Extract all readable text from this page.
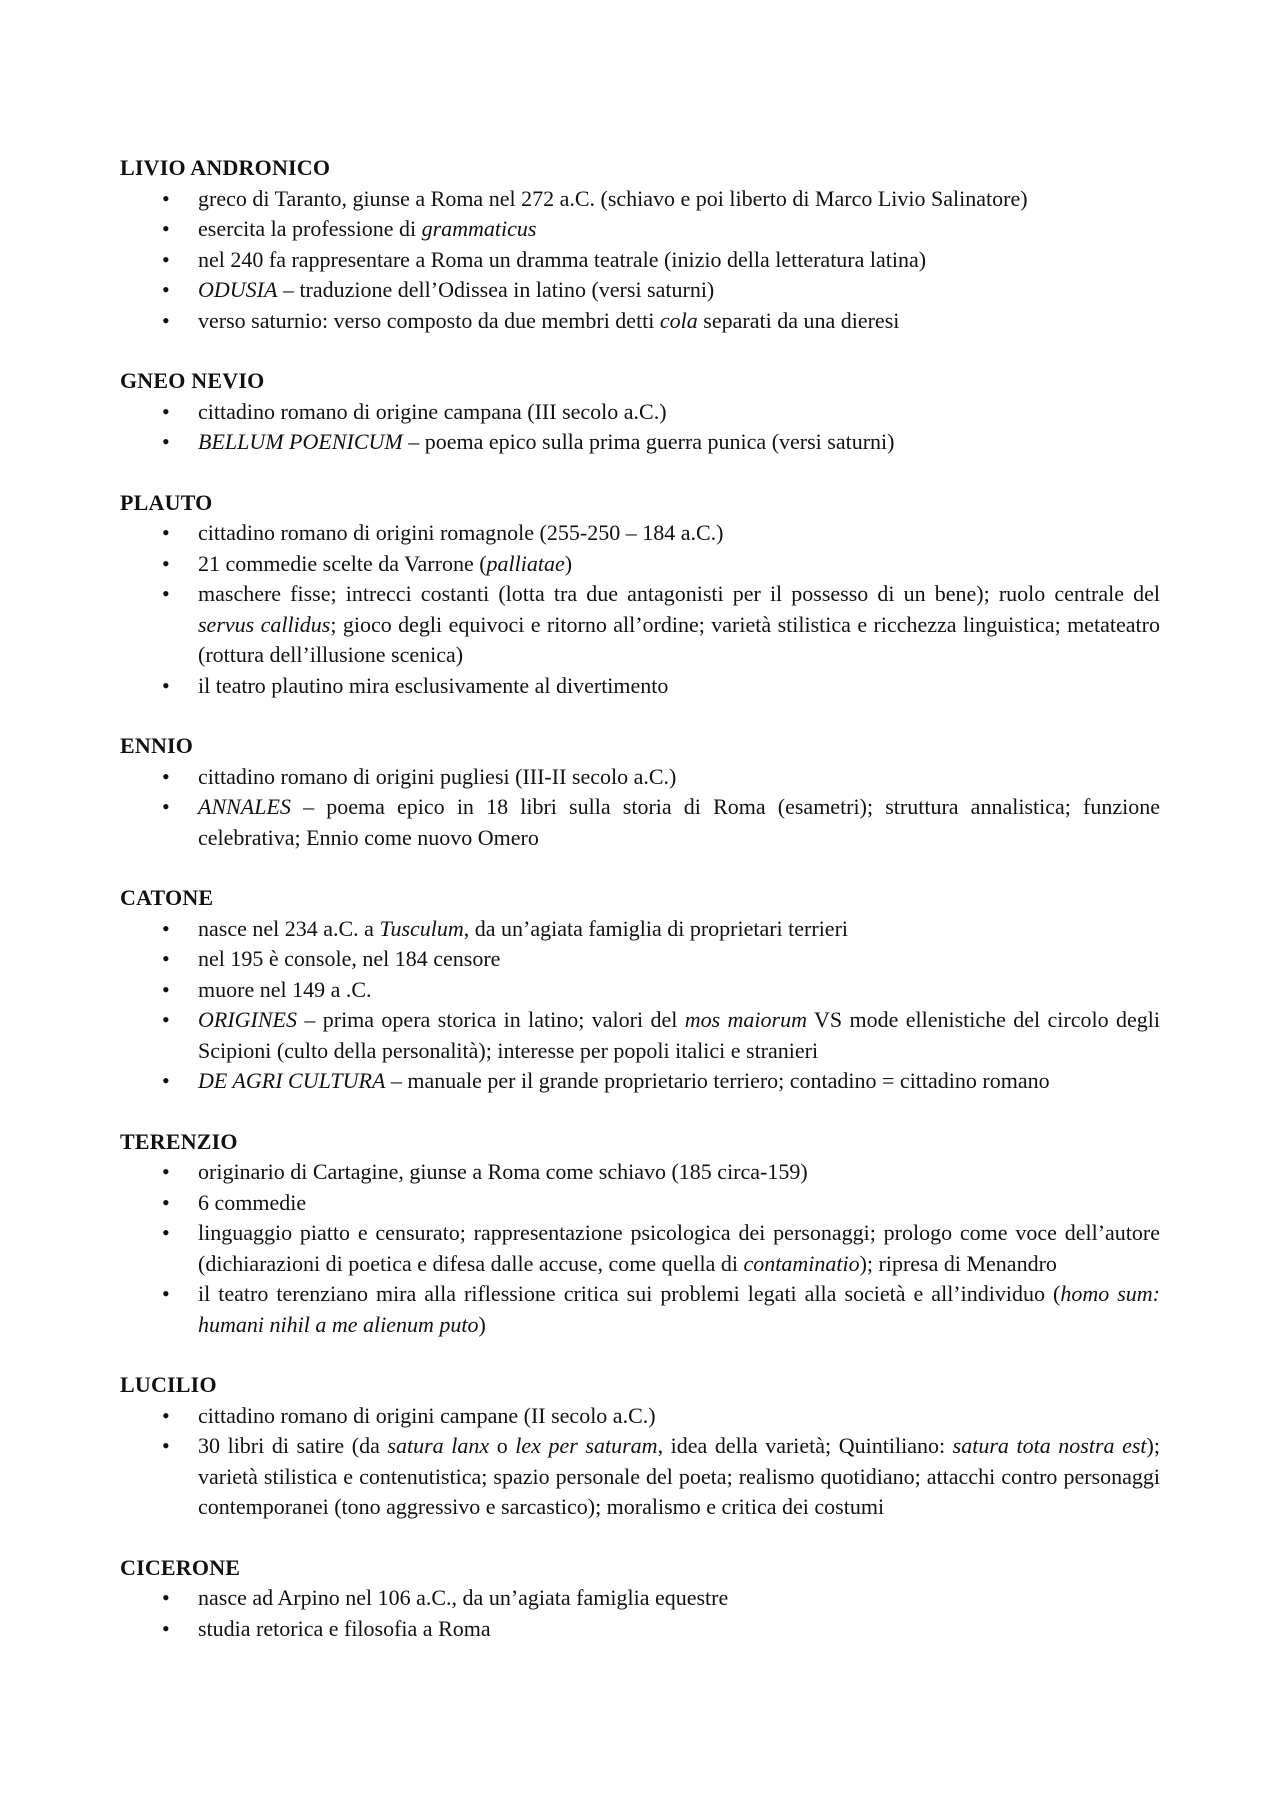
LIVIO ANDRONICO
• greco di Taranto, giunse a Roma nel 272 a.C. (schiavo e poi liberto di Marco Livio Salinatore)
• esercita la professione di grammaticus
• nel 240 fa rappresentare a Roma un dramma teatrale (inizio della letteratura latina)
• ODUSIA – traduzione dell’Odissea in latino (versi saturni)
• verso saturnio: verso composto da due membri detti cola separati da una dieresi
GNEO NEVIO
• cittadino romano di origine campana (III secolo a.C.)
• BELLUM POENICUM – poema epico sulla prima guerra punica (versi saturni)
PLAUTO
• cittadino romano di origini romagnole (255-250 – 184 a.C.)
• 21 commedie scelte da Varrone (palliatae)
• maschere fisse; intrecci costanti (lotta tra due antagonisti per il possesso di un bene); ruolo centrale del servus callidus; gioco degli equivoci e ritorno all’ordine; varietà stilistica e ricchezza linguistica; metateatro (rottura dell’illusione scenica)
• il teatro plautino mira esclusivamente al divertimento
ENNIO
• cittadino romano di origini pugliesi (III-II secolo a.C.)
• ANNALES – poema epico in 18 libri sulla storia di Roma (esametri); struttura annalistica; funzione celebrativa; Ennio come nuovo Omero
CATONE
• nasce nel 234 a.C. a Tusculum, da un’agiata famiglia di proprietari terrieri
• nel 195 è console, nel 184 censore
• muore nel 149 a .C.
• ORIGINES – prima opera storica in latino; valori del mos maiorum VS mode ellenistiche del circolo degli Scipioni (culto della personalità); interesse per popoli italici e stranieri
• DE AGRI CULTURA – manuale per il grande proprietario terriero; contadino = cittadino romano
TERENZIO
• originario di Cartagine, giunse a Roma come schiavo (185 circa-159)
• 6 commedie
• linguaggio piatto e censurato; rappresentazione psicologica dei personaggi; prologo come voce dell’autore (dichiarazioni di poetica e difesa dalle accuse, come quella di contaminatio); ripresa di Menandro
• il teatro terenziano mira alla riflessione critica sui problemi legati alla società e all’individuo (homo sum: humani nihil a me alienum puto)
LUCILIO
• cittadino romano di origini campane (II secolo a.C.)
• 30 libri di satire (da satura lanx o lex per saturam, idea della varietà; Quintiliano: satura tota nostra est); varietà stilistica e contenutistica; spazio personale del poeta; realismo quotidiano; attacchi contro personaggi contemporanei (tono aggressivo e sarcastico); moralismo e critica dei costumi
CICERONE
• nasce ad Arpino nel 106 a.C., da un’agiata famiglia equestre
• studia retorica e filosofia a Roma
